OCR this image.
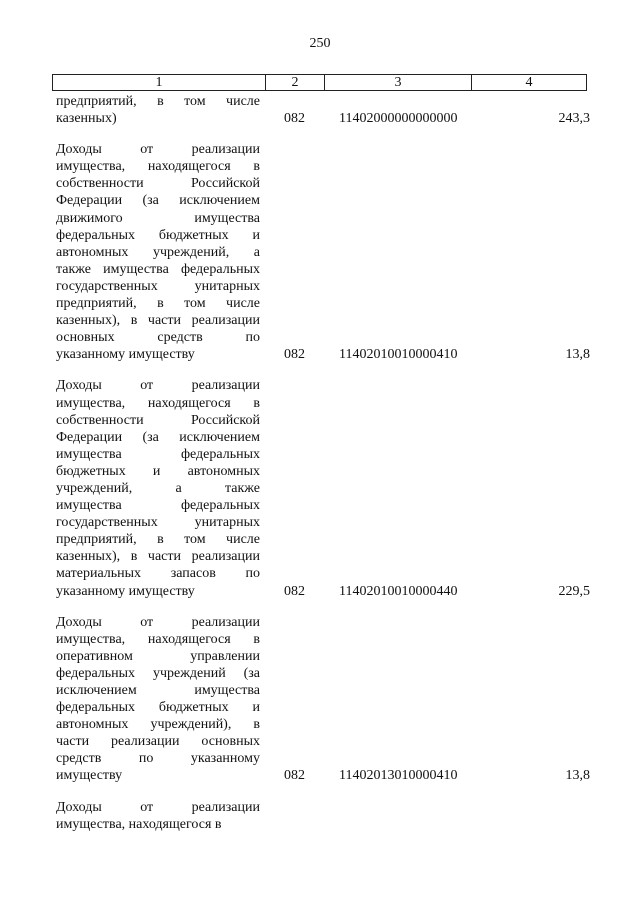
250
1	2	3	4
предприятий, в том числе
казенных)	082 11402000000000000	243,3
Доходы от реализации
имущества, находящегося в
собственности Российской
Федерации (за исключением
движимого имущества
федеральных бюджетных и
автономных учреждений, а
также имущества федеральных
государственных унитарных
предприятий, в том числе
казенных), в части реализации
основных средств по
указанному имуществу	082 11402010010000410	13,8
Доходы от реализации
имущества, находящегося в
собственности Российской
Федерации (за исключением
имущества федеральных
бюджетных и автономных
учреждений, а также
имущества федеральных
государственных унитарных
предприятий, в том числе
казенных), в части реализации
материальных запасов по
указанному имуществу	082 11402010010000440	229,5
Доходы от реализации
имущества, находящегося в
оперативном управлении
федеральных учреждений (за
исключением имущества
федеральных бюджетных и
автономных учреждений), в
части реализации основных
средств по указанному
имуществу	082 11402013010000410	13,8
Доходы от реализации
имущества, находящегося в
